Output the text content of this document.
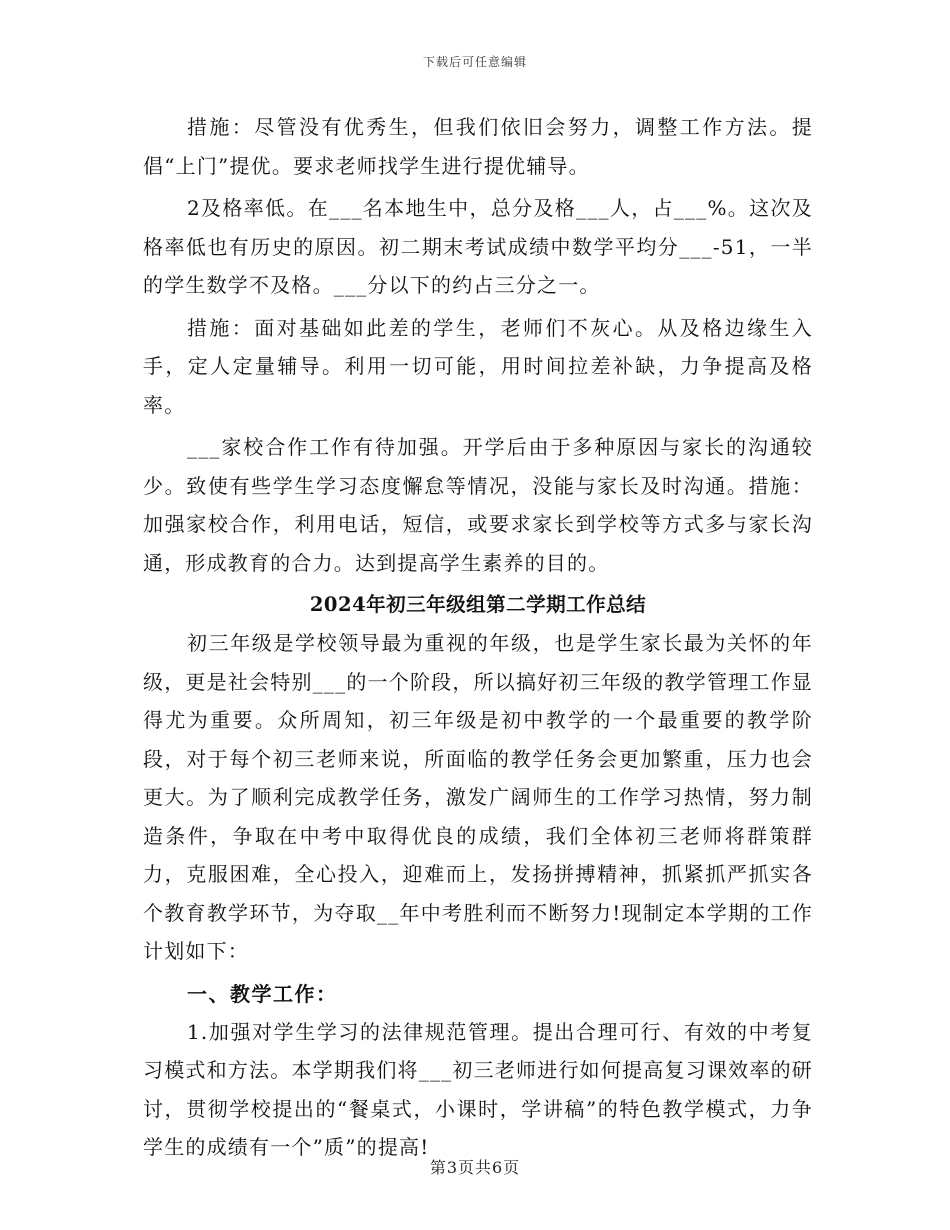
下载后可任意编辑

措施：尽管没有优秀生，但我们依旧会努力，调整工作方法。提倡“上门”提优。要求老师找学生进行提优辅导。

2及格率低。在___名本地生中，总分及格___人，占___%。这次及格率低也有历史的原因。初二期末考试成绩中数学平均分___-51，一半的学生数学不及格。___分以下的约占三分之一。

措施：面对基础如此差的学生，老师们不灰心。从及格边缘生入手，定人定量辅导。利用一切可能，用时间拉差补缺，力争提高及格率。

___家校合作工作有待加强。开学后由于多种原因与家长的沟通较少。致使有些学生学习态度懈怠等情况，没能与家长及时沟通。措施：加强家校合作，利用电话，短信，或要求家长到学校等方式多与家长沟通，形成教育的合力。达到提高学生素养的目的。

2024年初三年级组第二学期工作总结

初三年级是学校领导最为重视的年级，也是学生家长最为关怀的年级，更是社会特别___的一个阶段，所以搞好初三年级的教学管理工作显得尤为重要。众所周知，初三年级是初中教学的一个最重要的教学阶段，对于每个初三老师来说，所面临的教学任务会更加繁重，压力也会更大。为了顺利完成教学任务，激发广阔师生的工作学习热情，努力制造条件，争取在中考中取得优良的成绩，我们全体初三老师将群策群力，克服困难，全心投入，迎难而上，发扬拼搏精神，抓紧抓严抓实各个教育教学环节，为夺取__年中考胜利而不断努力!现制定本学期的工作计划如下：

一、教学工作：

1.加强对学生学习的法律规范管理。提出合理可行、有效的中考复习模式和方法。本学期我们将___初三老师进行如何提高复习课效率的研讨，贯彻学校提出的“餐桌式，小课时，学讲稿”的特色教学模式，力争学生的成绩有一个”质”的提高!

第3页共6页
